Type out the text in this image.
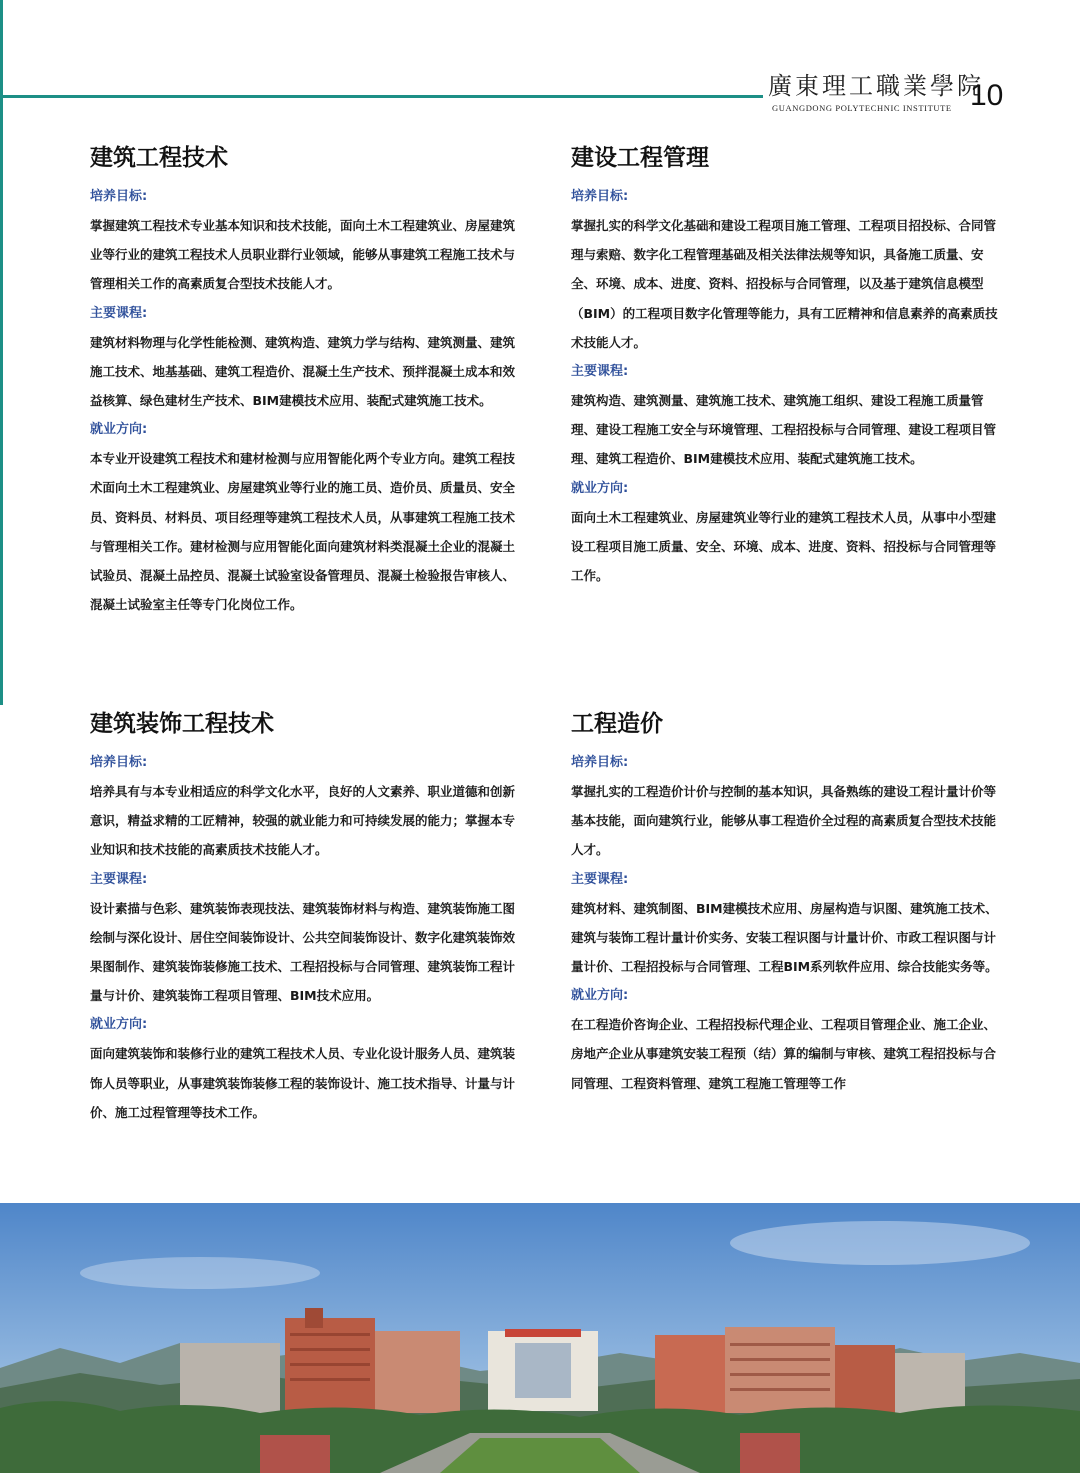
廣東理工職業學院
GUANGDONG POLYTECHNIC INSTITUTE 10
建筑工程技术
培养目标:

掌握建筑工程技术专业基本知识和技术技能，面向土木工程建筑业、房屋建筑业等行业的建筑工程技术人员职业群行业领域，能够从事建筑工程施工技术与管理相关工作的高素质复合型技术技能人才。

主要课程:

建筑材料物理与化学性能检测、建筑构造、建筑力学与结构、建筑测量、建筑施工技术、地基基础、建筑工程造价、混凝土生产技术、预拌混凝土成本和效益核算、绿色建材生产技术、BIM建模技术应用、装配式建筑施工技术。

就业方向:

本专业开设建筑工程技术和建材检测与应用智能化两个专业方向。建筑工程技术面向土木工程建筑业、房屋建筑业等行业的施工员、造价员、质量员、安全员、资料员、材料员、项目经理等建筑工程技术人员，从事建筑工程施工技术与管理相关工作。建材检测与应用智能化面向建筑材料类混凝土企业的混凝土试验员、混凝土品控员、混凝土试验室设备管理员、混凝土检验报告审核人、混凝土试验室主任等专门化岗位工作。

建设工程管理
培养目标:

掌握扎实的科学文化基础和建设工程项目施工管理、工程项目招投标、合同管理与索赔、数字化工程管理基础及相关法律法规等知识，具备施工质量、安全、环境、成本、进度、资料、招投标与合同管理，以及基于建筑信息模型（BIM）的工程项目数字化管理等能力，具有工匠精神和信息素养的高素质技术技能人才。

主要课程:

建筑构造、建筑测量、建筑施工技术、建筑施工组织、建设工程施工质量管理、建设工程施工安全与环境管理、工程招投标与合同管理、建设工程项目管理、建筑工程造价、BIM建模技术应用、装配式建筑施工技术。

就业方向:

面向土木工程建筑业、房屋建筑业等行业的建筑工程技术人员，从事中小型建设工程项目施工质量、安全、环境、成本、进度、资料、招投标与合同管理等工作。

建筑装饰工程技术
培养目标:

培养具有与本专业相适应的科学文化水平，良好的人文素养、职业道德和创新意识，精益求精的工匠精神，较强的就业能力和可持续发展的能力；掌握本专业知识和技术技能的高素质技术技能人才。

主要课程:

设计素描与色彩、建筑装饰表现技法、建筑装饰材料与构造、建筑装饰施工图绘制与深化设计、居住空间装饰设计、公共空间装饰设计、数字化建筑装饰效果图制作、建筑装饰装修施工技术、工程招投标与合同管理、建筑装饰工程计量与计价、建筑装饰工程项目管理、BIM技术应用。

就业方向:

面向建筑装饰和装修行业的建筑工程技术人员、专业化设计服务人员、建筑装饰人员等职业，从事建筑装饰装修工程的装饰设计、施工技术指导、计量与计价、施工过程管理等技术工作。

工程造价
培养目标:

掌握扎实的工程造价计价与控制的基本知识，具备熟练的建设工程计量计价等基本技能，面向建筑行业，能够从事工程造价全过程的高素质复合型技术技能人才。

主要课程:

建筑材料、建筑制图、BIM建模技术应用、房屋构造与识图、建筑施工技术、建筑与装饰工程计量计价实务、安装工程识图与计量计价、市政工程识图与计量计价、工程招投标与合同管理、工程BIM系列软件应用、综合技能实务等。

就业方向:

在工程造价咨询企业、工程招投标代理企业、工程项目管理企业、施工企业、房地产企业从事建筑安装工程预（结）算的编制与审核、建筑工程招投标与合同管理、工程资料管理、建筑工程施工管理等工作
